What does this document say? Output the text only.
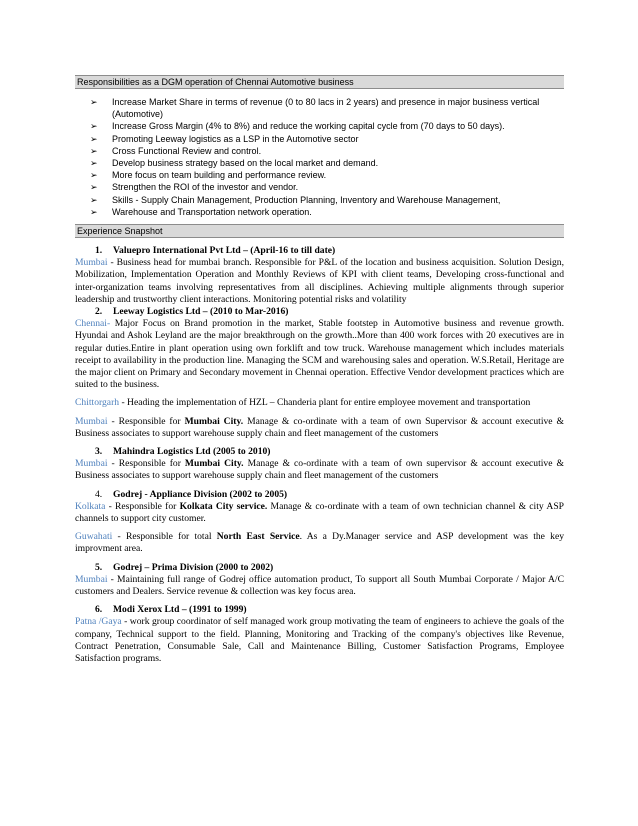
Responsibilities as a DGM operation of Chennai Automotive business
➢ Increase Market Share in terms of revenue (0 to 80 lacs in 2 years) and presence in major business vertical (Automotive)
➢ Increase Gross Margin (4% to 8%) and reduce the working capital cycle from (70 days to 50 days).
➢ Promoting Leeway logistics as a LSP in the Automotive sector
➢ Cross Functional Review and control.
➢ Develop business strategy based on the local market and demand.
➢ More focus on team building and performance review.
➢ Strengthen the ROI of the investor and vendor.
➢ Skills - Supply Chain Management, Production Planning, Inventory and Warehouse Management,
➢ Warehouse and Transportation network operation.
Experience Snapshot

1. Valuepro International Pvt Ltd – (April-16 to till date)

Mumbai - Business head for mumbai branch. Responsible for P&L of the location and business acquisition. Solution Design, Mobilization, Implementation Operation and Monthly Reviews of KPI with client teams, Developing cross-functional and inter-organization teams involving representatives from all disciplines. Achieving multiple alignments through superior leadership and trustworthy client interactions. Monitoring potential risks and volatility

2. Leeway Logistics Ltd – (2010 to Mar-2016)

Chennai- Major Focus on Brand promotion in the market, Stable footstep in Automotive business and revenue growth. Hyundai and Ashok Leyland are the major breakthrough on the growth..More than 400 work forces with 20 executives are in regular duties.Entire in plant operation using own forklift and tow truck. Warehouse management which includes materials receipt to availability in the production line. Managing the SCM and warehousing sales and operation. W.S.Retail, Heritage are the major client on Primary and Secondary movement in Chennai operation. Effective Vendor development practices which are suited to the business.

Chittorgarh - Heading the implementation of HZL – Chanderia plant for entire employee movement and transportation

Mumbai - Responsible for Mumbai City. Manage & co-ordinate with a team of own Supervisor & account executive & Business associates to support warehouse supply chain and fleet management of the customers

3. Mahindra Logistics Ltd (2005 to 2010)

Mumbai - Responsible for Mumbai City. Manage & co-ordinate with a team of own supervisor & account executive & Business associates to support warehouse supply chain and fleet management of the customers

4. Godrej - Appliance Division (2002 to 2005)

Kolkata - Responsible for Kolkata City service. Manage & co-ordinate with a team of own technician channel & city ASP channels to support city customer.

Guwahati - Responsible for total North East Service. As a Dy.Manager service and ASP development was the key improvment area.

5. Godrej – Prima Division (2000 to 2002)

Mumbai - Maintaining full range of Godrej office automation product, To support all South Mumbai Corporate / Major A/C customers and Dealers. Service revenue & collection was key focus area.

6. Modi Xerox Ltd – (1991 to 1999)

Patna /Gaya - work group coordinator of self managed work group motivating the team of engineers to achieve the goals of the company, Technical support to the field. Planning, Monitoring and Tracking of the company's objectives like Revenue, Contract Penetration, Consumable Sale, Call and Maintenance Billing, Customer Satisfaction Programs, Employee Satisfaction programs.
